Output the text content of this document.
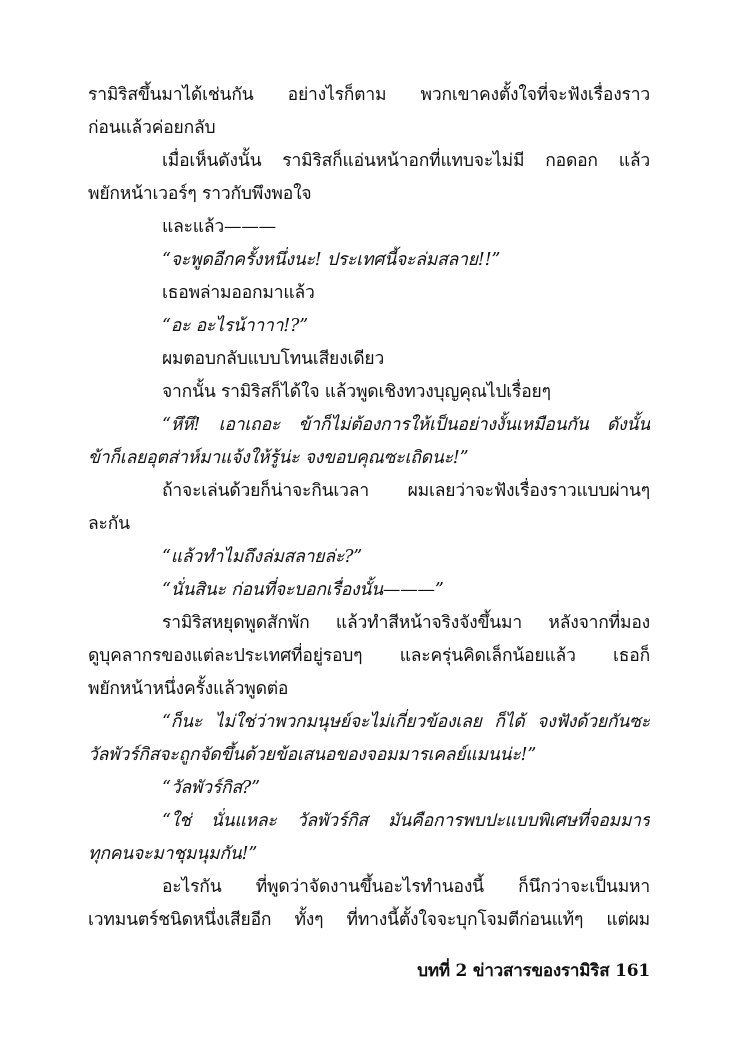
รามิริสขึ้นมาได้เช่นกัน อย่างไรก็ตาม พวกเขาคงตั้งใจที่จะฟังเรื่องราว
ก่อนแล้วค่อยกลับ
เมื่อเห็นดังนั้น รามิริสก็แอ่นหน้าอกที่แทบจะไม่มี กอดอก แล้ว
พยักหน้าเวอร์ๆ ราวกับพึงพอใจ
และแล้ว———
“จะพูดอีกครั้งหนึ่งนะ! ประเทศนี้จะล่มสลาย!!”
เธอพล่ามออกมาแล้ว
“อะ อะไรน้าาาา!?”
ผมตอบกลับแบบโทนเสียงเดียว
จากนั้น รามิริสก็ได้ใจ แล้วพูดเชิงทวงบุญคุณไปเรื่อยๆ
“หึหึ! เอาเถอะ ข้าก็ไม่ต้องการให้เป็นอย่างงั้นเหมือนกัน ดังนั้น
ข้าก็เลยอุตส่าห์มาแจ้งให้รู้น่ะ จงขอบคุณซะเถิดนะ!”
ถ้าจะเล่นด้วยก็น่าจะกินเวลา ผมเลยว่าจะฟังเรื่องราวแบบผ่านๆ
ละกัน
“แล้วทำไมถึงล่มสลายล่ะ?”
“นั่นสินะ ก่อนที่จะบอกเรื่องนั้น———”
รามิริสหยุดพูดสักพัก แล้วทำสีหน้าจริงจังขึ้นมา หลังจากที่มอง
ดูบุคลากรของแต่ละประเทศที่อยู่รอบๆ และครุ่นคิดเล็กน้อยแล้ว เธอก็
พยักหน้าหนึ่งครั้งแล้วพูดต่อ
“ก็นะ ไม่ใช่ว่าพวกมนุษย์จะไม่เกี่ยวข้องเลย ก็ได้ จงฟังด้วยกันซะ
วัลพัวร์กิสจะถูกจัดขึ้นด้วยข้อเสนอของจอมมารเคลย์แมนน่ะ!”
“วัลพัวร์กิส?”
“ใช่ นั่นแหละ วัลพัวร์กิส มันคือการพบปะแบบพิเศษที่จอมมาร
ทุกคนจะมาชุมนุมกัน!”
อะไรกัน ที่พูดว่าจัดงานขึ้นอะไรทำนองนี้ ก็นึกว่าจะเป็นมหา
เวทมนตร์ชนิดหนึ่งเสียอีก ทั้งๆ ที่ทางนี้ตั้งใจจะบุกโจมตีก่อนแท้ๆ แต่ผม
บทที่ 2 ข่าวสารของรามิริส 161
